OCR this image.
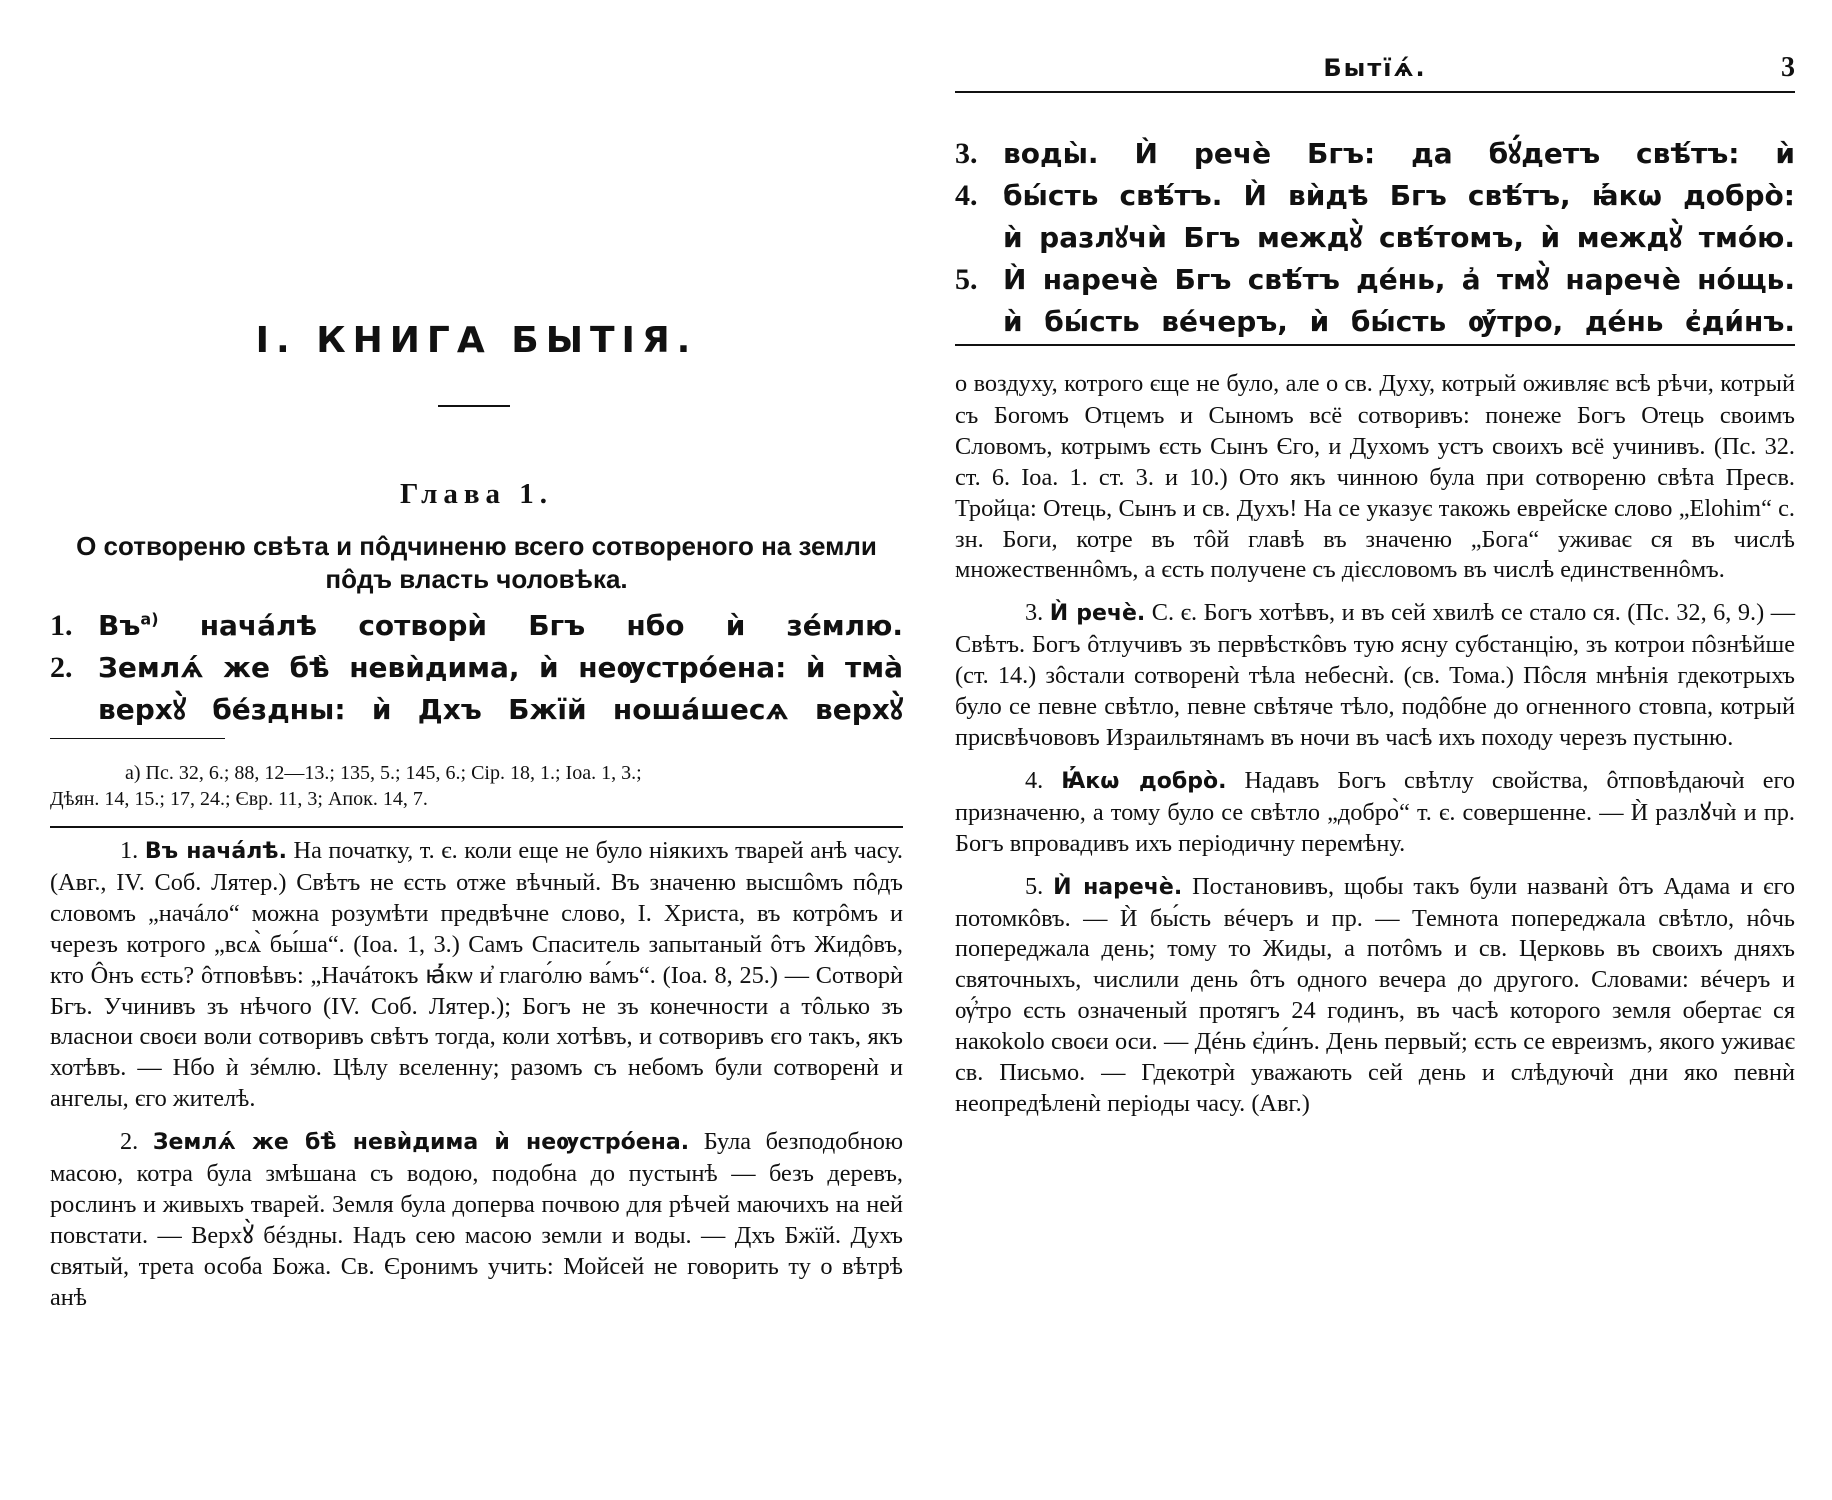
I. КНИГА БЫТІЯ.
Глава 1.
О сотвореню свѣта и пôдчиненю всего сотвореного на земли пôдъ власть чоловѣка.
1. $Въ^{а)}$ начáлѣ сотворѝ Бгъ нбо ѝ зéмлю.
2. Землѧ́ же бѣ̀ невѝдима, ѝ неѹстрóена: ѝ тма̀
верхꙋ̀ бéздны: ѝ Дхъ Бжїй ношáшесѧ верхꙋ̀

а) Пс. 32, 6.; 88, 12—13.; 135, 5.; 145, 6.; Сір. 18, 1.; Іоа. 1, 3.;

Дѣян. 14, 15.; 17, 24.; Євр. 11, 3; Апок. 14, 7.

1. Въ начáлѣ. На початку, т. є. коли еще не було ніякихъ тварей анѣ часу. (Авг., IV. Соб. Лятер.) Свѣтъ не єсть отже вѣчный. Въ значеню высшôмъ пôдъ словомъ „начáло“ можна розумѣти предвѣчне слово, І. Христа, въ котрôмъ и черезъ котрого „всѧ̀ бы́ша“. (Іоа. 1, 3.) Самъ Спаситель запытаный ôтъ Жидôвъ, кто Ôнъ єсть? ôтповѣвъ: „Начáтокъ ꙗ҆́кѡ и҆ глаго́лю ва́мъ“. (Іоа. 8, 25.) — Сотворѝ Бгъ. Учинивъ зъ нѣчого (IV. Соб. Лятер.); Богъ не зъ конечности а тôлько зъ власнои своєи воли сотворивъ свѣтъ тогда, коли хотѣвъ, и сотворивъ єго такъ, якъ хотѣвъ. — Нбо ѝ зéмлю. Цѣлу вселенну; разомъ съ небомъ були сотворенѝ и ангелы, єго жителѣ.

2. Землѧ́ же бѣ̀ невѝдима ѝ неѹстрóена. Була безподобною масою, котра була змѣшана съ водою, подобна до пустынѣ — безъ деревъ, рослинъ и живыхъ тварей. Земля була доперва почвою для рѣчей маючихъ на ней повстати. — Верхꙋ̀ бéздны. Надъ сею масою земли и воды. — Дхъ Бжїй. Духъ святый, трета особа Божа. Св. Єронимъ учить: Мойсей не говорить ту о вѣтрѣ анѣ

Бытїѧ́.	3
3. воды̀. Ѝ речѐ Бгъ: да бꙋ́детъ свѣ́тъ: ѝ
4. бы́сть свѣ́тъ. Ѝ вѝдѣ Бгъ свѣ́тъ, ꙗ҆́кѡ добро̀:
ѝ разлꙋчѝ Бгъ междꙋ̀ свѣ́томъ, ѝ междꙋ̀ тмо́ю.
5. Ѝ наречѐ Бгъ свѣ́тъ дéнь, а҆ тмꙋ̀ наречѐ но́щь.
ѝ бы́сть вéчеръ, ѝ бы́сть ѹ҆́тро, дéнь є҆ди́нъ.

о воздуху, котрого єще не було, але о св. Духу, котрый оживляє всѣ рѣчи, котрый съ Богомъ Отцемъ и Сыномъ всё сотворивъ: понеже Богъ Отець своимъ Словомъ, котрымъ єсть Сынъ Єго, и Духомъ устъ своихъ всё учинивъ. (Пс. 32. ст. 6. Іоа. 1. ст. 3. и 10.) Ото якъ чинною була при сотвореню свѣта Пресв. Тройца: Отець, Сынъ и св. Духъ! На се указує такожь еврейске слово „Elohim“ с. зн. Боги, котре въ тôй главѣ въ значеню „Бога“ уживає ся въ числѣ множественнôмъ, а єсть получене съ дієсловомъ въ числѣ единственнôмъ.

3. Ѝ речѐ. С. є. Богъ хотѣвъ, и въ сей хвилѣ се стало ся. (Пс. 32, 6, 9.) — Свѣтъ. Богъ ôтлучивъ зъ первѣсткôвъ тую ясну субстанцію, зъ котрои пôзнѣйше (ст. 14.) зôстали сотворенѝ тѣла небеснѝ. (св. Тома.) Пôсля мнѣнія гдекотрыхъ було се певне свѣтло, певне свѣтяче тѣло, подôбне до огненного стовпа, котрый присвѣчововъ Израильтянамъ въ ночи въ часѣ ихъ походу черезъ пустыню.

4. Ꙗ҆́кѡ добро̀. Надавъ Богъ свѣтлу свойства, ôтповѣдаючѝ его призначеню, а тому було се свѣтло „добро̀“ т. є. совершенне. — Ѝ разлꙋчѝ и пр. Богъ впровадивъ ихъ періодичну перемѣну.

5. Ѝ наречѐ. Постановивъ, щобы такъ були названѝ ôтъ Адама и єго потомкôвъ. — Ѝ бы́сть вéчеръ и пр. — Темнота попереджала свѣтло, нôчь попереджала день; тому то Жиды, а потôмъ и св. Церковь въ своихъ дняхъ святочныхъ, числили день ôтъ одного вечера до другого. Словами: вéчеръ и ѹ҆́тро єсть означеный протягъ 24 годинъ, въ часѣ которого земля обертає ся накоkolo своєи оси. — Дéнь є҆ди́нъ. День первый; єсть се евреизмъ, якого уживає св. Письмо. — Гдекотрѝ уважають сей день и слѣдуючѝ дни яко певнѝ неопредѣленѝ періоды часу. (Авг.)
